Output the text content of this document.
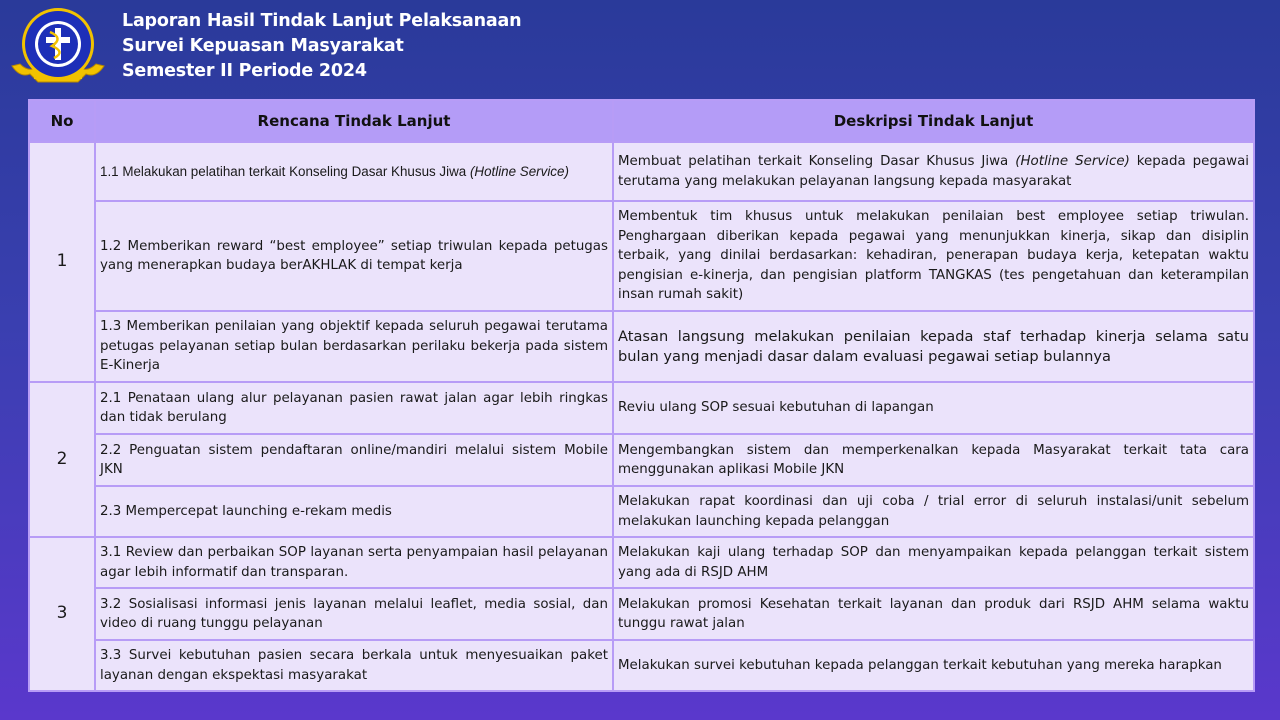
Laporan Hasil Tindak Lanjut Pelaksanaan
Survei Kepuasan Masyarakat
Semester II Periode 2024
No	Rencana Tindak Lanjut	Deskripsi Tindak Lanjut
1	1.1 Melakukan pelatihan terkait Konseling Dasar Khusus Jiwa (Hotline Service)	Membuat pelatihan terkait Konseling Dasar Khusus Jiwa (Hotline Service) kepada pegawai terutama yang melakukan pelayanan langsung kepada masyarakat
	1.2 Memberikan reward “best employee” setiap triwulan kepada petugas yang menerapkan budaya berAKHLAK di tempat kerja	Membentuk tim khusus untuk melakukan penilaian best employee setiap triwulan. Penghargaan diberikan kepada pegawai yang menunjukkan kinerja, sikap dan disiplin terbaik, yang dinilai berdasarkan: kehadiran, penerapan budaya kerja, ketepatan waktu pengisian e-kinerja, dan pengisian platform TANGKAS (tes pengetahuan dan keterampilan insan rumah sakit)
	1.3 Memberikan penilaian yang objektif kepada seluruh pegawai terutama petugas pelayanan setiap bulan berdasarkan perilaku bekerja pada sistem E-Kinerja	Atasan langsung melakukan penilaian kepada staf terhadap kinerja selama satu bulan yang menjadi dasar dalam evaluasi pegawai setiap bulannya
2	2.1 Penataan ulang alur pelayanan pasien rawat jalan agar lebih ringkas dan tidak berulang	Reviu ulang SOP sesuai kebutuhan di lapangan
	2.2 Penguatan sistem pendaftaran online/mandiri melalui sistem Mobile JKN	Mengembangkan sistem dan memperkenalkan kepada Masyarakat terkait tata cara menggunakan aplikasi Mobile JKN
	2.3 Mempercepat launching e-rekam medis	Melakukan rapat koordinasi dan uji coba / trial error di seluruh instalasi/unit sebelum melakukan launching kepada pelanggan
3	3.1 Review dan perbaikan SOP layanan serta penyampaian hasil pelayanan agar lebih informatif dan transparan.	Melakukan kaji ulang terhadap SOP dan menyampaikan kepada pelanggan terkait sistem yang ada di RSJD AHM
	3.2 Sosialisasi informasi jenis layanan melalui leaflet, media sosial, dan video di ruang tunggu pelayanan	Melakukan promosi Kesehatan terkait layanan dan produk dari RSJD AHM selama waktu tunggu rawat jalan
	3.3 Survei kebutuhan pasien secara berkala untuk menyesuaikan paket layanan dengan ekspektasi masyarakat	Melakukan survei kebutuhan kepada pelanggan terkait kebutuhan yang mereka harapkan
